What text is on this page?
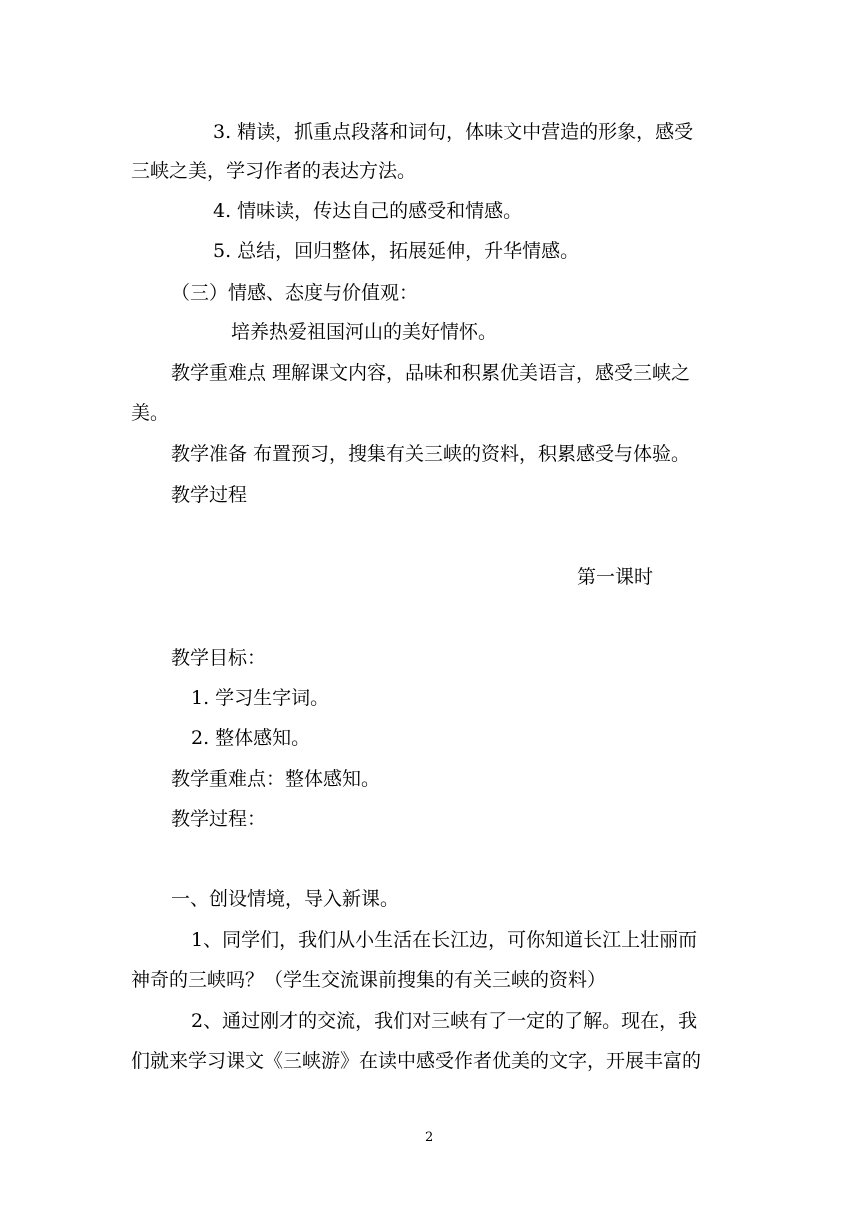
3. 精读，抓重点段落和词句，体味文中营造的形象，感受
三峡之美，学习作者的表达方法。
4. 情味读，传达自己的感受和情感。
5. 总结，回归整体，拓展延伸，升华情感。
（三）情感、态度与价值观：
培养热爱祖国河山的美好情怀。
教学重难点 理解课文内容，品味和积累优美语言，感受三峡之
美。
教学准备 布置预习，搜集有关三峡的资料，积累感受与体验。
教学过程
第一课时
教学目标：
1. 学习生字词。
2. 整体感知。
教学重难点：整体感知。
教学过程：
一、创设情境，导入新课。
1、同学们，我们从小生活在长江边，可你知道长江上壮丽而
神奇的三峡吗？（学生交流课前搜集的有关三峡的资料）
2、通过刚才的交流，我们对三峡有了一定的了解。现在，我
们就来学习课文《三峡游》在读中感受作者优美的文字，开展丰富的
2
